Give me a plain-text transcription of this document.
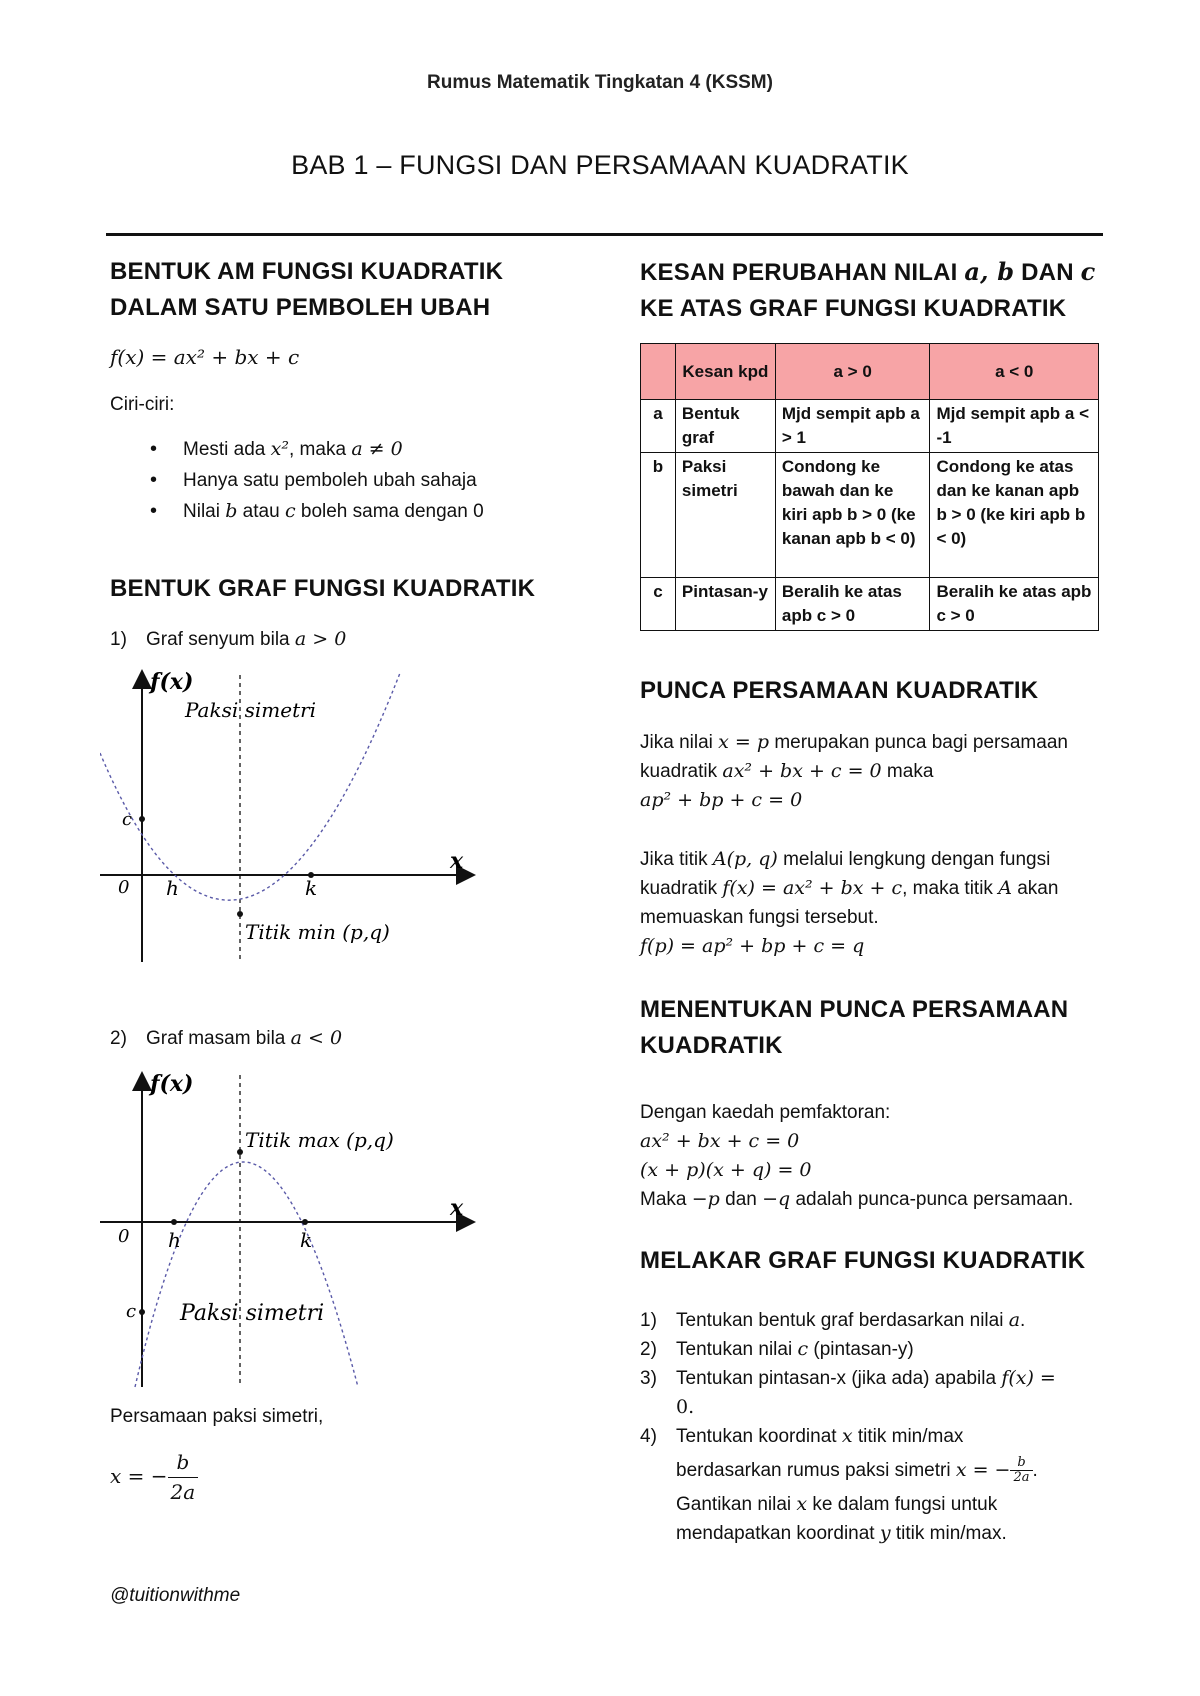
Rumus Matematik Tingkatan 4 (KSSM)
BAB 1 – FUNGSI DAN PERSAMAAN KUADRATIK
BENTUK AM FUNGSI KUADRATIK
DALAM SATU PEMBOLEH UBAH
f(x) = ax² + bx + c
Ciri-ciri:
• Mesti ada x², maka a ≠ 0
• Hanya satu pemboleh ubah sahaja
• Nilai b atau c boleh sama dengan 0
BENTUK GRAF FUNGSI KUADRATIK
1) Graf senyum bila a > 0
f(x)
x
0
c
h	k
Paksi simetri
Titik min (p,q)
2) Graf masam bila a < 0
f(x)
x
0
c
h	k
Titik max (p,q)
Paksi simetri
Persamaan paksi simetri,
x = − $\frac{b}{2a}$
@tuitionwithme
KESAN PERUBAHAN NILAI a, b DAN c
KE ATAS GRAF FUNGSI KUADRATIK
	Kesan kpd	a > 0	a < 0
a	Bentuk graf	Mjd sempit apb a > 1	Mjd sempit apb a < -1
b	Paksi simetri	Condong ke bawah dan ke kiri apb b > 0 (ke kanan apb b < 0)	Condong ke atas dan ke kanan apb b > 0 (ke kiri apb b < 0)
c	Pintasan-y	Beralih ke atas apb c > 0	Beralih ke atas apb c > 0
PUNCA PERSAMAAN KUADRATIK
Jika nilai x = p merupakan punca bagi persamaan
kuadratik ax² + bx + c = 0 maka
ap² + bp + c = 0
Jika titik A(p, q) melalui lengkung dengan fungsi
kuadratik f(x) = ax² + bx + c, maka titik A akan
memuaskan fungsi tersebut.
f(p) = ap² + bp + c = q
MENENTUKAN PUNCA PERSAMAAN
KUADRATIK
Dengan kaedah pemfaktoran:
ax² + bx + c = 0
(x + p)(x + q) = 0
Maka −p dan −q adalah punca-punca persamaan.
MELAKAR GRAF FUNGSI KUADRATIK
1) Tentukan bentuk graf berdasarkan nilai a.
2) Tentukan nilai c (pintasan-y)
3) Tentukan pintasan-x (jika ada) apabila f(x) =
0.
4) Tentukan koordinat x titik min/max
berdasarkan rumus paksi simetri x = − $\frac{b}{2a}$ .
Gantikan nilai x ke dalam fungsi untuk
mendapatkan koordinat y titik min/max.
